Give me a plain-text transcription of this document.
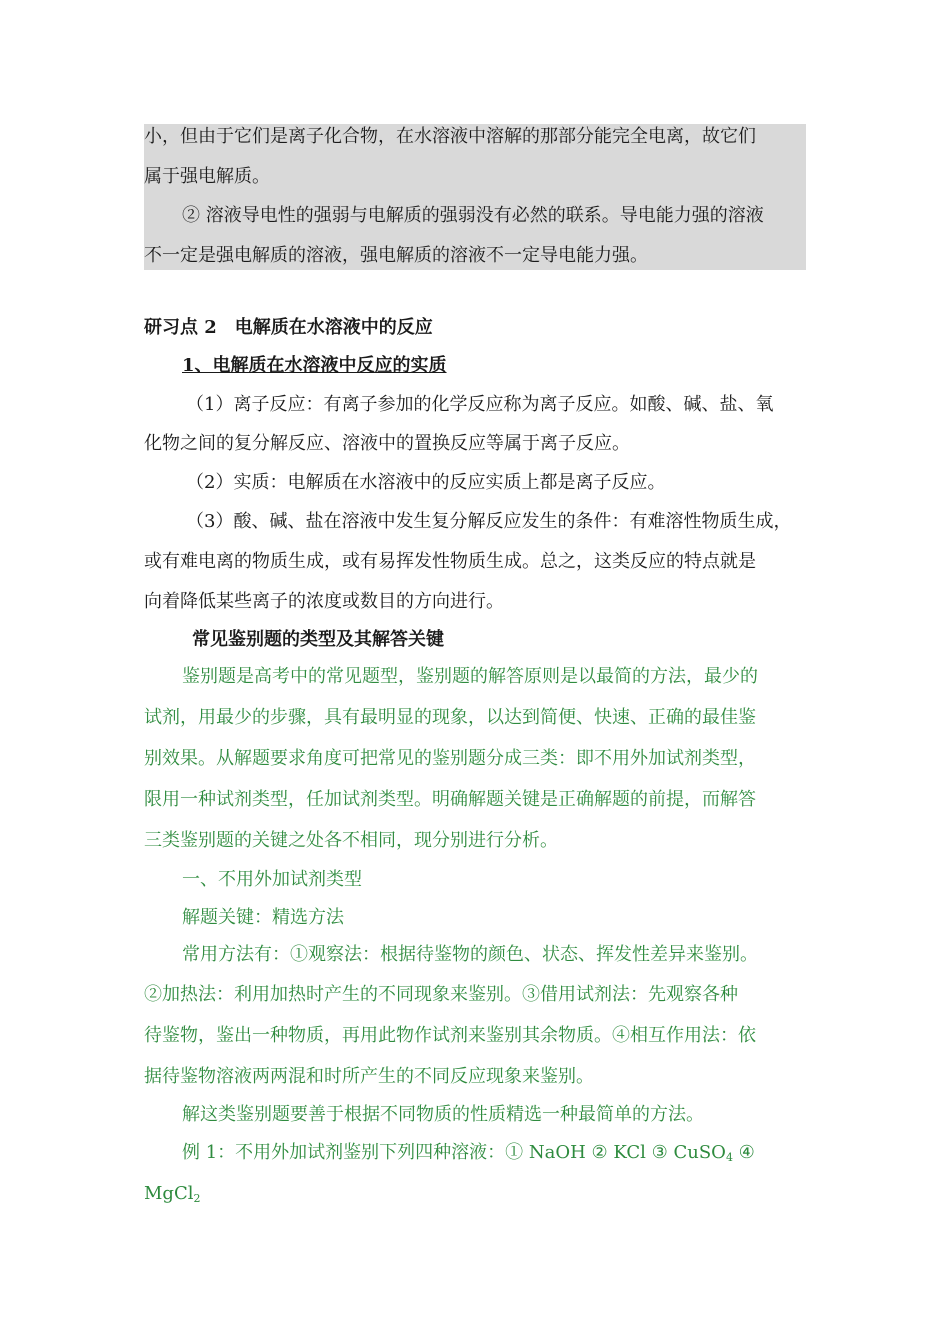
小，但由于它们是离子化合物，在水溶液中溶解的那部分能完全电离，故它们
属于强电解质。
② 溶液导电性的强弱与电解质的强弱没有必然的联系。导电能力强的溶液
不一定是强电解质的溶液，强电解质的溶液不一定导电能力强。
研习点 2　电解质在水溶液中的反应
1、电解质在水溶液中反应的实质
（1）离子反应：有离子参加的化学反应称为离子反应。如酸、碱、盐、氧
化物之间的复分解反应、溶液中的置换反应等属于离子反应。
（2）实质：电解质在水溶液中的反应实质上都是离子反应。
（3）酸、碱、盐在溶液中发生复分解反应发生的条件：有难溶性物质生成，
或有难电离的物质生成，或有易挥发性物质生成。总之，这类反应的特点就是
向着降低某些离子的浓度或数目的方向进行。
常见鉴别题的类型及其解答关键
鉴别题是高考中的常见题型，鉴别题的解答原则是以最简的方法，最少的
试剂，用最少的步骤，具有最明显的现象，以达到简便、快速、正确的最佳鉴
别效果。从解题要求角度可把常见的鉴别题分成三类：即不用外加试剂类型，
限用一种试剂类型，任加试剂类型。明确解题关键是正确解题的前提，而解答
三类鉴别题的关键之处各不相同，现分别进行分析。
一、不用外加试剂类型
解题关键：精选方法
常用方法有：①观察法：根据待鉴物的颜色、状态、挥发性差异来鉴别。
②加热法：利用加热时产生的不同现象来鉴别。③借用试剂法：先观察各种
待鉴物，鉴出一种物质，再用此物作试剂来鉴别其余物质。④相互作用法：依
据待鉴物溶液两两混和时所产生的不同反应现象来鉴别。
解这类鉴别题要善于根据不同物质的性质精选一种最简单的方法。
例 1：不用外加试剂鉴别下列四种溶液：① NaOH ② KCl ③ CuSO$_4$ ④
MgCl$_2$
